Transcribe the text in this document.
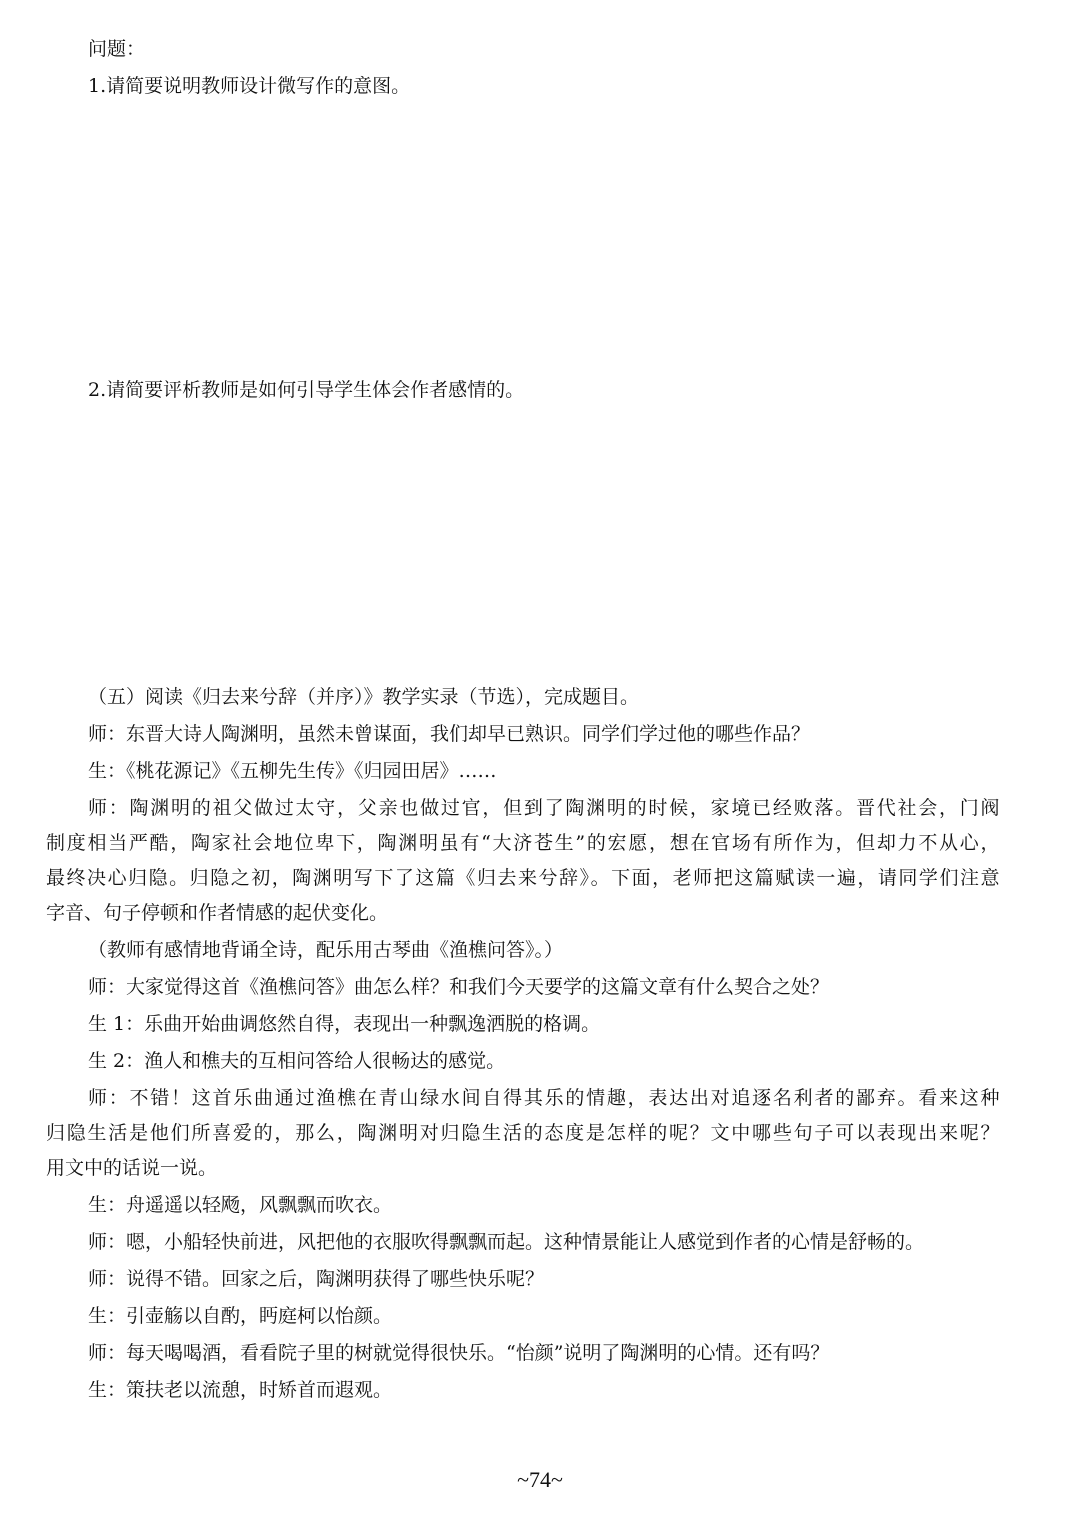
问题：
1.请简要说明教师设计微写作的意图。
2.请简要评析教师是如何引导学生体会作者感情的。
（五）阅读《归去来兮辞（并序）》教学实录（节选），完成题目。
师：东晋大诗人陶渊明，虽然未曾谋面，我们却早已熟识。同学们学过他的哪些作品？
生：《桃花源记》《五柳先生传》《归园田居》……
师：陶渊明的祖父做过太守，父亲也做过官，但到了陶渊明的时候，家境已经败落。晋代社会，门阀
制度相当严酷，陶家社会地位卑下，陶渊明虽有“大济苍生”的宏愿，想在官场有所作为，但却力不从心，
最终决心归隐。归隐之初，陶渊明写下了这篇《归去来兮辞》。下面，老师把这篇赋读一遍，请同学们注意
字音、句子停顿和作者情感的起伏变化。
（教师有感情地背诵全诗，配乐用古琴曲《渔樵问答》。）
师：大家觉得这首《渔樵问答》曲怎么样？和我们今天要学的这篇文章有什么契合之处？
生 1：乐曲开始曲调悠然自得，表现出一种飘逸洒脱的格调。
生 2：渔人和樵夫的互相问答给人很畅达的感觉。
师：不错！这首乐曲通过渔樵在青山绿水间自得其乐的情趣，表达出对追逐名利者的鄙弃。看来这种
归隐生活是他们所喜爱的，那么，陶渊明对归隐生活的态度是怎样的呢？文中哪些句子可以表现出来呢？
用文中的话说一说。
生：舟遥遥以轻飏，风飘飘而吹衣。
师：嗯，小船轻快前进，风把他的衣服吹得飘飘而起。这种情景能让人感觉到作者的心情是舒畅的。
师：说得不错。回家之后，陶渊明获得了哪些快乐呢？
生：引壶觞以自酌，眄庭柯以怡颜。
师：每天喝喝酒，看看院子里的树就觉得很快乐。“怡颜”说明了陶渊明的心情。还有吗？
生：策扶老以流憩，时矫首而遐观。
~74~
